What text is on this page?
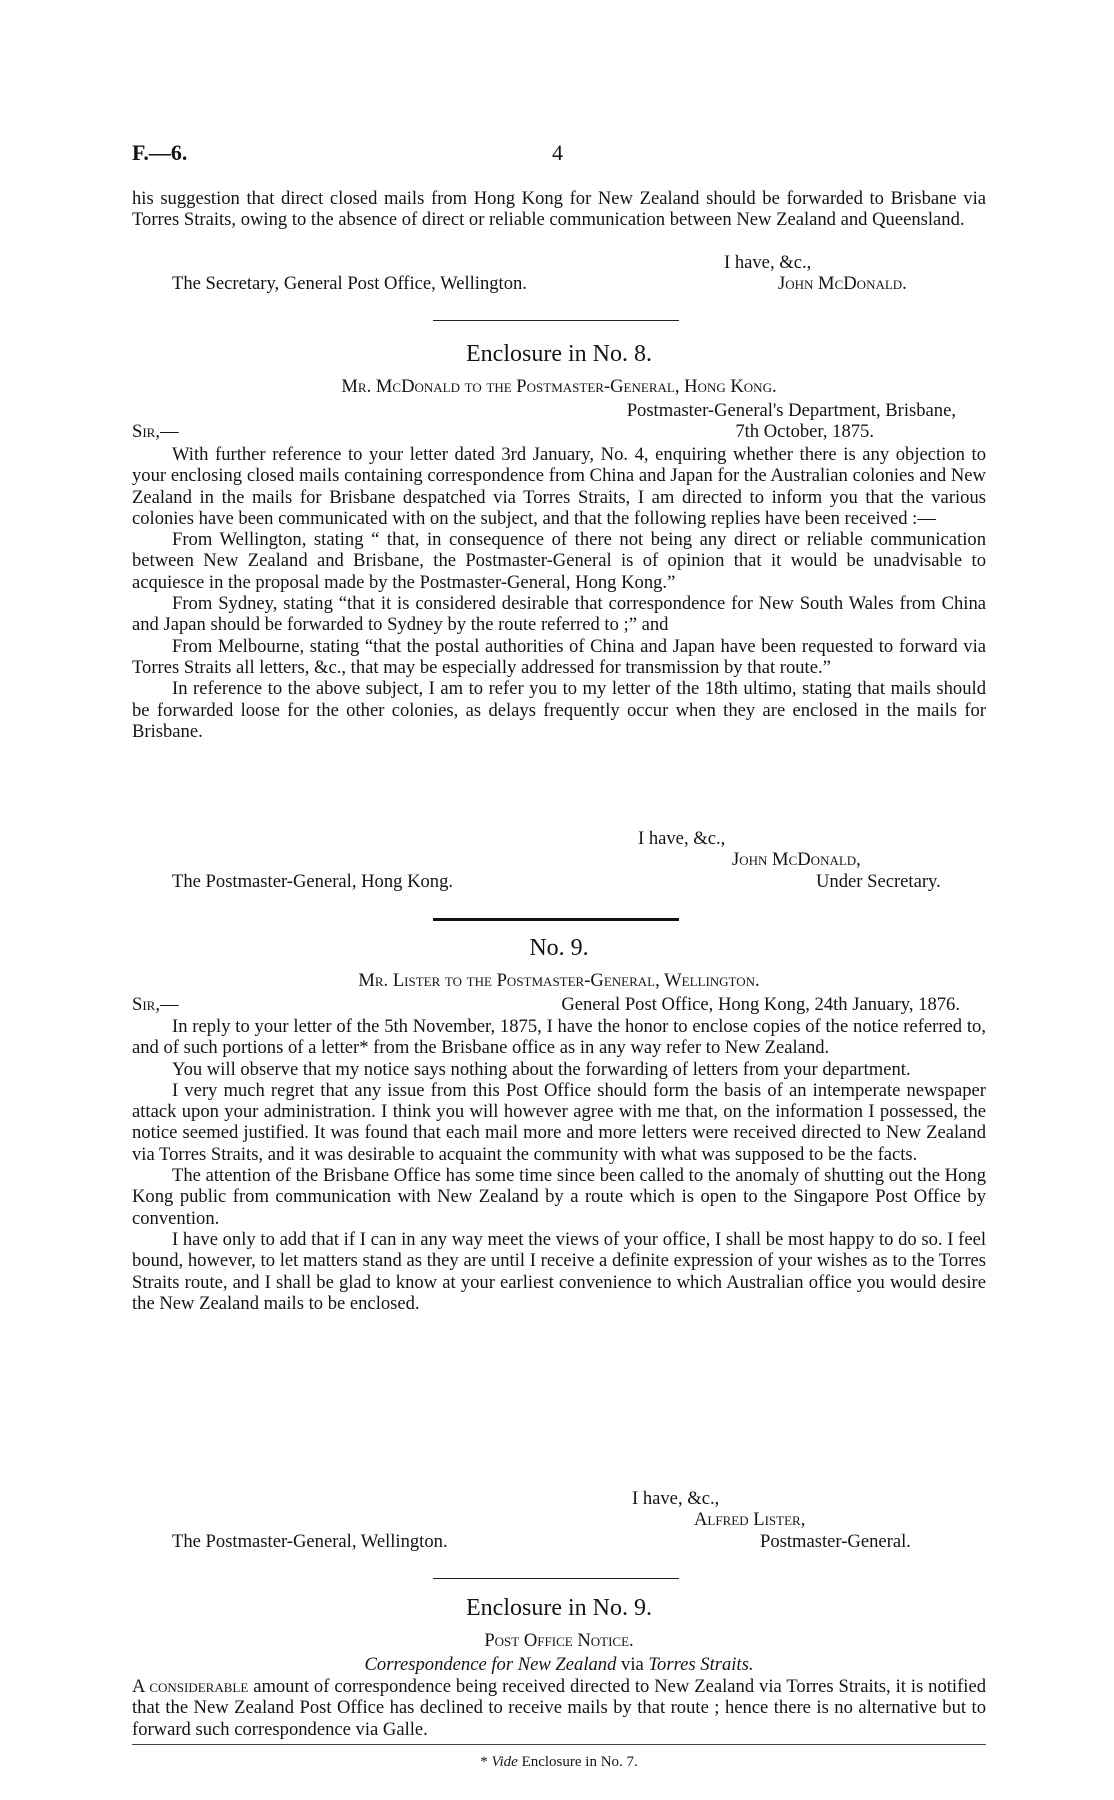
F.—6.	4

his suggestion that direct closed mails from Hong Kong for New Zealand should be forwarded to Brisbane via Torres Straits, owing to the absence of direct or reliable communication between New Zealand and Queensland.

I have, &c.,
The Secretary, General Post Office, Wellington.	John McDonald.
Enclosure in No. 8.
Mr. McDonald to the Postmaster-General, Hong Kong.
Postmaster-General's Department, Brisbane,
Sir,—	7th October, 1875.

With further reference to your letter dated 3rd January, No. 4, enquiring whether there is any objection to your enclosing closed mails containing correspondence from China and Japan for the Australian colonies and New Zealand in the mails for Brisbane despatched via Torres Straits, I am directed to inform you that the various colonies have been communicated with on the subject, and that the following replies have been received :—

From Wellington, stating “ that, in consequence of there not being any direct or reliable communication between New Zealand and Brisbane, the Postmaster-General is of opinion that it would be unadvisable to acquiesce in the proposal made by the Postmaster-General, Hong Kong.”

From Sydney, stating “that it is considered desirable that correspondence for New South Wales from China and Japan should be forwarded to Sydney by the route referred to ;” and

From Melbourne, stating “that the postal authorities of China and Japan have been requested to forward via Torres Straits all letters, &c., that may be especially addressed for transmission by that route.”

In reference to the above subject, I am to refer you to my letter of the 18th ultimo, stating that mails should be forwarded loose for the other colonies, as delays frequently occur when they are enclosed in the mails for Brisbane.

I have, &c.,
John McDonald,
The Postmaster-General, Hong Kong.	Under Secretary.
No. 9.
Mr. Lister to the Postmaster-General, Wellington.
Sir,—	General Post Office, Hong Kong, 24th January, 1876.

In reply to your letter of the 5th November, 1875, I have the honor to enclose copies of the notice referred to, and of such portions of a letter* from the Brisbane office as in any way refer to New Zealand.

You will observe that my notice says nothing about the forwarding of letters from your department.

I very much regret that any issue from this Post Office should form the basis of an intemperate newspaper attack upon your administration. I think you will however agree with me that, on the information I possessed, the notice seemed justified. It was found that each mail more and more letters were received directed to New Zealand via Torres Straits, and it was desirable to acquaint the community with what was supposed to be the facts.

The attention of the Brisbane Office has some time since been called to the anomaly of shutting out the Hong Kong public from communication with New Zealand by a route which is open to the Singapore Post Office by convention.

I have only to add that if I can in any way meet the views of your office, I shall be most happy to do so. I feel bound, however, to let matters stand as they are until I receive a definite expression of your wishes as to the Torres Straits route, and I shall be glad to know at your earliest convenience to which Australian office you would desire the New Zealand mails to be enclosed.

I have, &c.,
Alfred Lister,
The Postmaster-General, Wellington.	Postmaster-General.
Enclosure in No. 9.
Post Office Notice.
Correspondence for New Zealand via Torres Straits.

A considerable amount of correspondence being received directed to New Zealand via Torres Straits, it is notified that the New Zealand Post Office has declined to receive mails by that route ; hence there is no alternative but to forward such correspondence via Galle.

* Vide Enclosure in No. 7.
